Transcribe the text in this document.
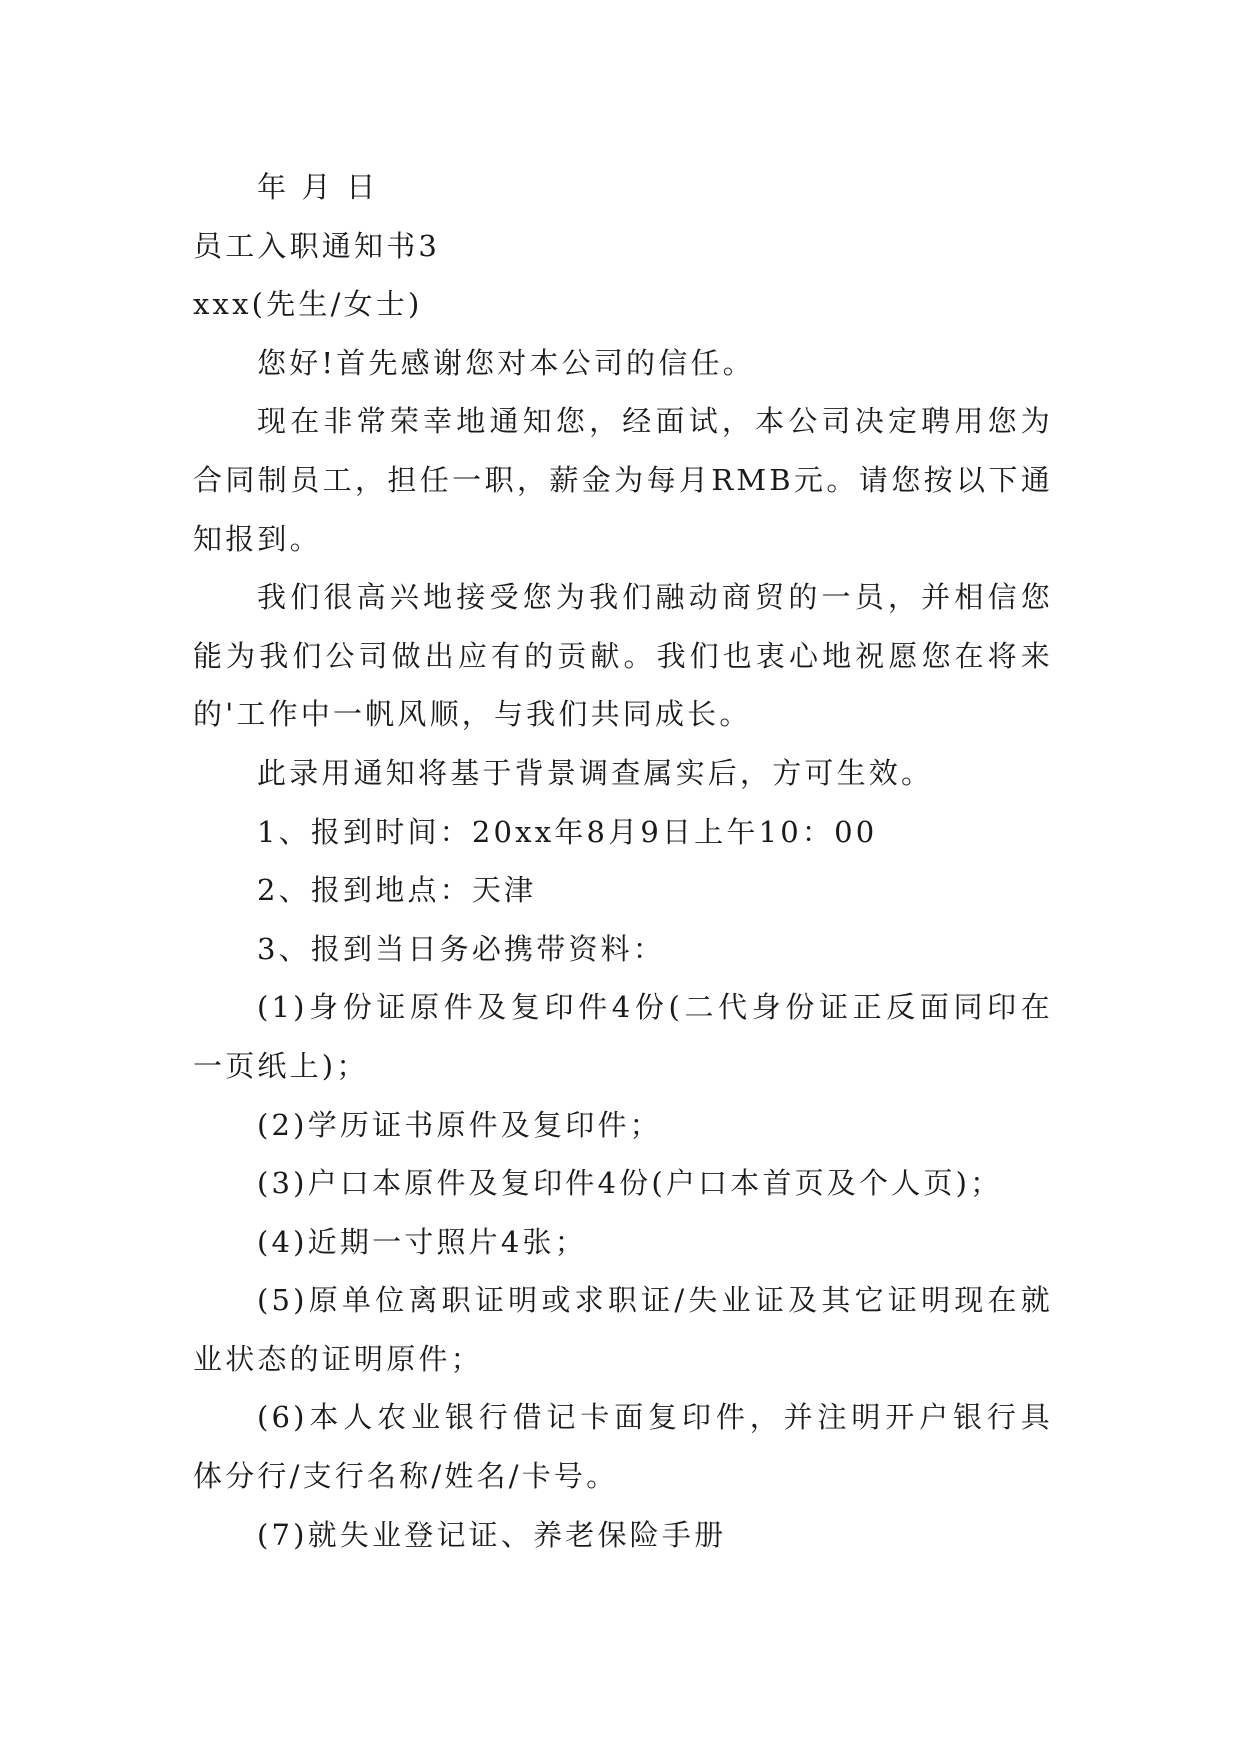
年 月 日

员工入职通知书3

xxx(先生/女士)

您好!首先感谢您对本公司的信任。

现在非常荣幸地通知您，经面试，本公司决定聘用您为

合同制员工，担任一职，薪金为每月RMB元。请您按以下通

知报到。

我们很高兴地接受您为我们融动商贸的一员，并相信您

能为我们公司做出应有的贡献。我们也衷心地祝愿您在将来

的'工作中一帆风顺，与我们共同成长。

此录用通知将基于背景调查属实后，方可生效。

1、报到时间：20xx年8月9日上午10：00

2、报到地点：天津

3、报到当日务必携带资料：

(1)身份证原件及复印件4份(二代身份证正反面同印在

一页纸上)；

(2)学历证书原件及复印件；

(3)户口本原件及复印件4份(户口本首页及个人页)；

(4)近期一寸照片4张；

(5)原单位离职证明或求职证/失业证及其它证明现在就

业状态的证明原件；

(6)本人农业银行借记卡面复印件，并注明开户银行具

体分行/支行名称/姓名/卡号。

(7)就失业登记证、养老保险手册
